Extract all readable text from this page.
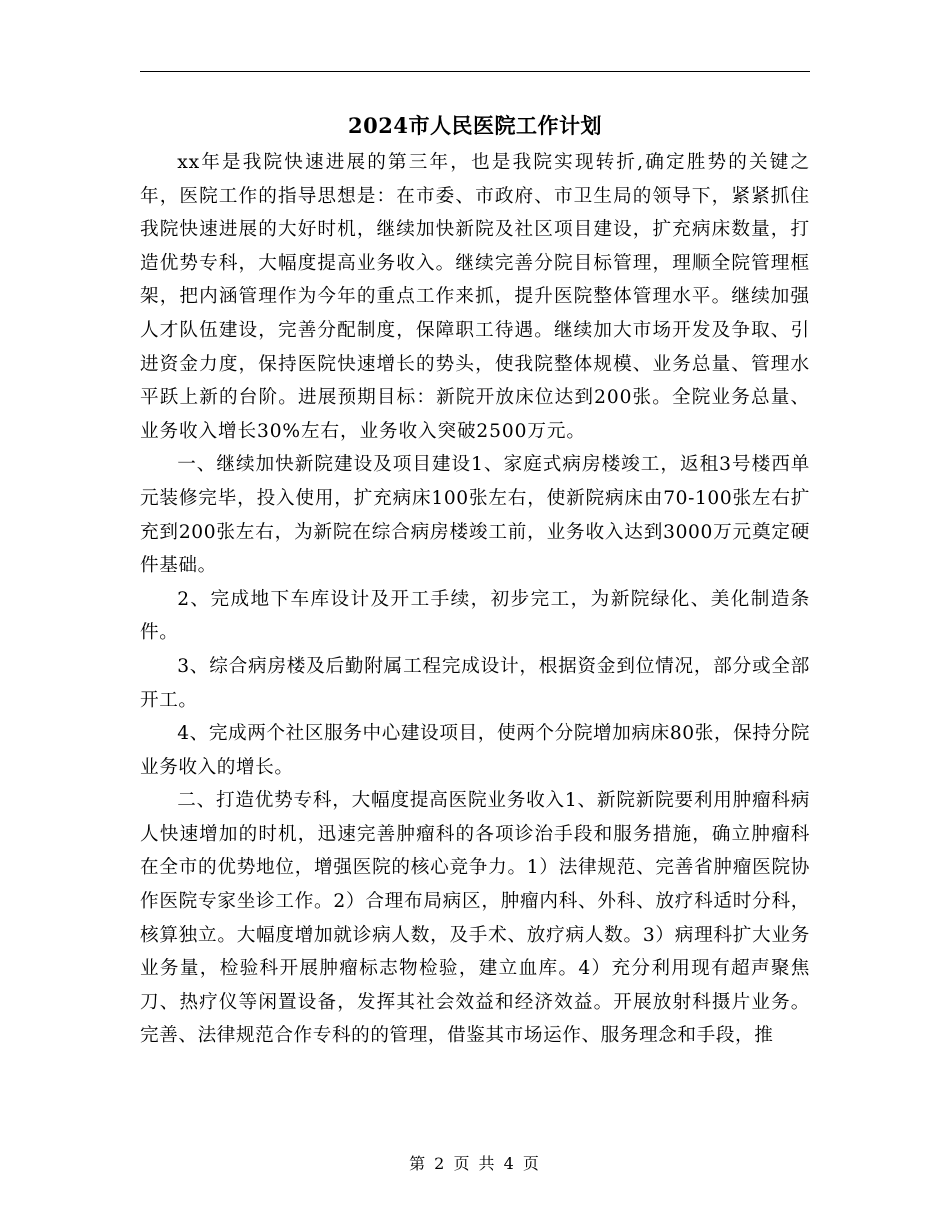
2024市人民医院工作计划

xx年是我院快速进展的第三年，也是我院实现转折,确定胜势的关键之年，医院工作的指导思想是：在市委、市政府、市卫生局的领导下，紧紧抓住我院快速进展的大好时机，继续加快新院及社区项目建设，扩充病床数量，打造优势专科，大幅度提高业务收入。继续完善分院目标管理，理顺全院管理框架，把内涵管理作为今年的重点工作来抓，提升医院整体管理水平。继续加强人才队伍建设，完善分配制度，保障职工待遇。继续加大市场开发及争取、引进资金力度，保持医院快速增长的势头，使我院整体规模、业务总量、管理水平跃上新的台阶。进展预期目标：新院开放床位达到200张。全院业务总量、业务收入增长30%左右，业务收入突破2500万元。

一、继续加快新院建设及项目建设1、家庭式病房楼竣工，返租3号楼西单元装修完毕，投入使用，扩充病床100张左右，使新院病床由70-100张左右扩充到200张左右，为新院在综合病房楼竣工前，业务收入达到3000万元奠定硬件基础。

2、完成地下车库设计及开工手续，初步完工，为新院绿化、美化制造条件。

3、综合病房楼及后勤附属工程完成设计，根据资金到位情况，部分或全部开工。

4、完成两个社区服务中心建设项目，使两个分院增加病床80张，保持分院业务收入的增长。

二、打造优势专科，大幅度提高医院业务收入1、新院新院要利用肿瘤科病人快速增加的时机，迅速完善肿瘤科的各项诊治手段和服务措施，确立肿瘤科在全市的优势地位，增强医院的核心竞争力。1）法律规范、完善省肿瘤医院协作医院专家坐诊工作。2）合理布局病区，肿瘤内科、外科、放疗科适时分科，核算独立。大幅度增加就诊病人数，及手术、放疗病人数。3）病理科扩大业务业务量，检验科开展肿瘤标志物检验，建立血库。4）充分利用现有超声聚焦刀、热疗仪等闲置设备，发挥其社会效益和经济效益。开展放射科摄片业务。完善、法律规范合作专科的的管理，借鉴其市场运作、服务理念和手段，推

第 2 页 共 4 页
